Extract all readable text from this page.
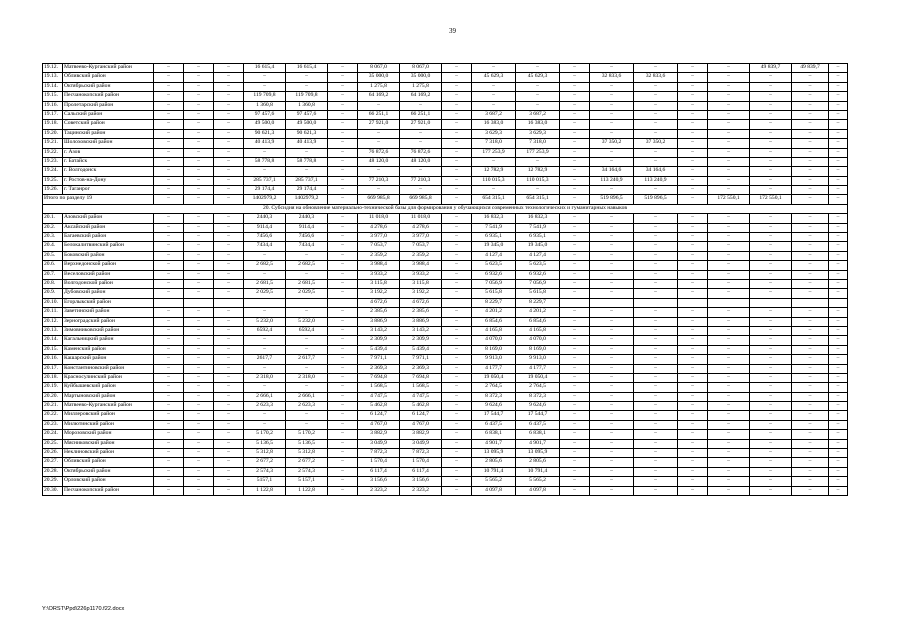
39
19.12.	Матвеево-Курганский район	–	–	–	16 615,4	16 615,4	–	8 067,0	8 067,0	–	–	–	–	–	–	–	–	49 839,7	49 839,7	–
19.13.	Обливский район	–	–	–	–	–	–	35 000,0	35 000,0	–	45 629,3	45 629,3	–	32 833,6	32 833,6	–	–	–	–	–
19.14.	Октябрьский район	–	–	–	–	–	–	1 275,8	1 275,8	–	–	–	–	–	–	–	–	–	–	–
19.15.	Песчанокопский район	–	–	–	119 709,8	119 709,8	–	64 169,2	64 169,2	–	–	–	–	–	–	–	–	–	–	–
19.16.	Пролетарский район	–	–	–	1 360,8	1 360,8	–	–	–	–	–	–	–	–	–	–	–	–	–	–
19.17.	Сальский район	–	–	–	97 457,6	97 457,6	–	66 251,1	66 251,1	–	3 687,2	3 687,2	–	–	–	–	–	–	–	–
19.18.	Советский район	–	–	–	49 500,0	49 500,0	–	27 921,0	27 921,0	–	16 383,0	16 383,0	–	–	–	–	–	–	–	–
19.20.	Тацинский район	–	–	–	90 621,3	90 621,3	–	–	–	–	3 629,3	3 629,3	–	–	–	–	–	–	–	–
19.21.	Шолоховский район	–	–	–	40 413,9	40 413,9	–	–	–	–	7 318,0	7 318,0	–	37 350,2	37 350,2	–	–	–	–	–
19.22.	г. Азов	–	–	–	–	–	–	76 872,6	76 872,6	–	177 253,9	177 253,9	–	–	–	–	–	–	–	–
19.23.	г. Батайск	–	–	–	58 778,8	58 778,8	–	48 120,0	48 120,0	–	–	–	–	–	–	–	–	–	–	–
19.24.	г. Волгодонск	–	–	–	–	–	–	–	–	–	12 782,9	12 782,9	–	34 164,6	34 164,6	–	–	–	–	–
19.25.	г. Ростов-на-Дону	–	–	–	285 737,1	285 737,1	–	77 210,3	77 210,3	–	110 015,3	110 015,3	–	113 240,9	113 240,9	–	–	–	–	–
19.26.	г. Таганрог	–	–	–	29 174,4	29 174,4	–	–	–	–	–	–	–	–	–	–	–	–	–	–
Итого по разделу 19		–	–	–	1402979,2	1402979,2	–	669 985,8	669 985,8	–	654 315,1	654 315,1	–	519 896,5	519 896,5	–	172 550,1	172 550,1	–	–
20. Субсидия на обновление материально-технической базы для формирования у обучающихся современных технологических и гуманитарных навыков																				
20.1.	Азовский район	–	–	–	2440,3	2440,3	–	11 018,0	11 018,0	–	16 832,3	16 832,3	–	–	–	–	–	–	–	–
20.2.	Аксайский район	–	–	–	9114,4	9114,4	–	4 278,6	4 278,6	–	7 541,9	7 541,9	–	–	–	–	–	–	–	–
20.3.	Багаевский район	–	–	–	7456,6	7456,6	–	3 977,0	3 977,0	–	6 935,1	6 935,1	–	–	–	–	–	–	–	–
20.4.	Белокалитвинский район	–	–	–	7434,4	7434,4	–	7 053,7	7 053,7	–	19 345,0	19 345,0	–	–	–	–	–	–	–	–
20.5.	Боковский район	–	–	–	–	–	–	2 359,2	2 359,2	–	4 127,4	4 127,4	–	–	–	–	–	–	–	–
20.6.	Верхнедонской район	–	–	–	2 682,5	2 682,5	–	3 988,4	3 988,4	–	5 623,5	5 623,5	–	–	–	–	–	–	–	–
20.7.	Веселовский район	–	–	–	–	–	–	3 933,2	3 933,2	–	6 932,6	6 932,6	–	–	–	–	–	–	–	–
20.8.	Волгодонской район	–	–	–	2 681,5	2 681,5	–	3 115,8	3 115,8	–	7 056,9	7 056,9	–	–	–	–	–	–	–	–
20.9.	Дубовский район	–	–	–	2 029,5	2 029,5	–	3 192,2	3 192,2	–	5 615,8	5 615,8	–	–	–	–	–	–	–	–
20.10.	Егорлыкский район							4 672,6	4 672,6		8 229,7	8 229,7								
20.11.	Заветинский район	–	–	–	–	–	–	2 385,6	2 385,6	–	4 201,2	4 201,2	–	–	–	–	–	–	–	–
20.12.	Зерноградский район	–	–	–	5 232,0	5 232,0	–	3 886,9	3 886,9	–	6 854,6	6 854,6	–	–	–	–	–	–	–	–
20.13.	Зимовниковский район	–	–	–	6592,4	6592,4	–	3 143,2	3 143,2	–	4 165,8	4 165,8	–	–	–	–	–	–	–	–
20.14.	Кагальницкий район	–	–	–	–	–	–	2 309,9	2 309,9	–	4 070,0	4 070,0	–	–	–	–	–	–	–	–
20.15.	Каменский район	–	–	–	–	–	–	5 439,4	5 439,4	–	8 169,0	8 169,0	–	–	–	–	–	–	–	–
20.16.	Кашарский район	–	–	–	2617,7	2 617,7	–	7 971,1	7 971,1	–	9 913,0	9 913,0	–	–	–	–	–	–	–	–
20.17.	Константиновский район	–	–	–	–	–	–	2 369,3	2 369,3	–	4 177,7	4 177,7	–	–	–	–	–	–	–	–
20.18.	Красносулинский район	–	–	–	2 318,0	2 318,0	–	7 694,8	7 694,8	–	19 050,4	19 050,4	–	–	–	–	–	–	–	–
20.19.	Куйбышевский район	–	–	–	–	–	–	1 568,5	1 568,5	–	2 764,5	2 764,5	–	–	–	–	–	–	–	–
20.20.	Мартыновский район	–	–	–	2 666,1	2 666,1	–	4 747,5	4 747,5	–	8 372,3	8 372,3	–	–	–	–	–	–	–	–
20.21.	Матвеево-Курганский район	–	–	–	2 623,3	2 623,3	–	5 462,8	5 462,8	–	9 624,6	9 624,6	–	–	–	–	–	–	–	–
20.22.	Миллеровский район	–	–	–	–	–	–	6 124,7	6 124,7	–	17 544,7	17 544,7	–	–	–	–	–	–	–	–
20.23.	Милютинский район	–	–	–	–	–	–	4 767,0	4 767,0	–	6 437,5	6 437,5	–	–	–	–	–	–	–	–
20.24.	Морозовский район	–	–	–	5 170,2	5 170,2	–	3 882,9	3 882,9	–	6 838,1	6 838,1	–	–	–	–	–	–	–	–
20.25.	Мясниковский район	–	–	–	5 136,5	5 136,5	–	3 049,9	3 049,9	–	4 901,7	4 901,7	–	–	–	–	–	–	–	–
20.26.	Неклиновский район	–	–	–	5 312,8	5 312,8	–	7 872,3	7 872,3	–	13 095,9	13 095,9	–	–	–	–	–	–	–	–
20.27.	Обливский район	–	–	–	2 677,2	2 677,2	–	1 570,4	1 570,4	–	2 805,6	2 805,6	–	–	–	–	–	–	–	–
20.28.	Октябрьский район	–	–	–	2 574,3	2 574,3	–	6 117,4	6 117,4	–	10 791,4	10 791,4	–	–	–	–	–	–	–	–
20.29.	Орловский район	–	–	–	5157,1	5 157,1	–	3 156,6	3 156,6	–	5 565,2	5 565,2	–	–	–	–	–	–	–	–
20.30.	Песчанокопский район	–	–	–	1 122,8	1 122,8	–	2 323,2	2 323,2	–	4 097,8	4 097,8	–	–	–	–	–	–	–	–
Y:\ORST\Ppd\226p1170.f22.docx
